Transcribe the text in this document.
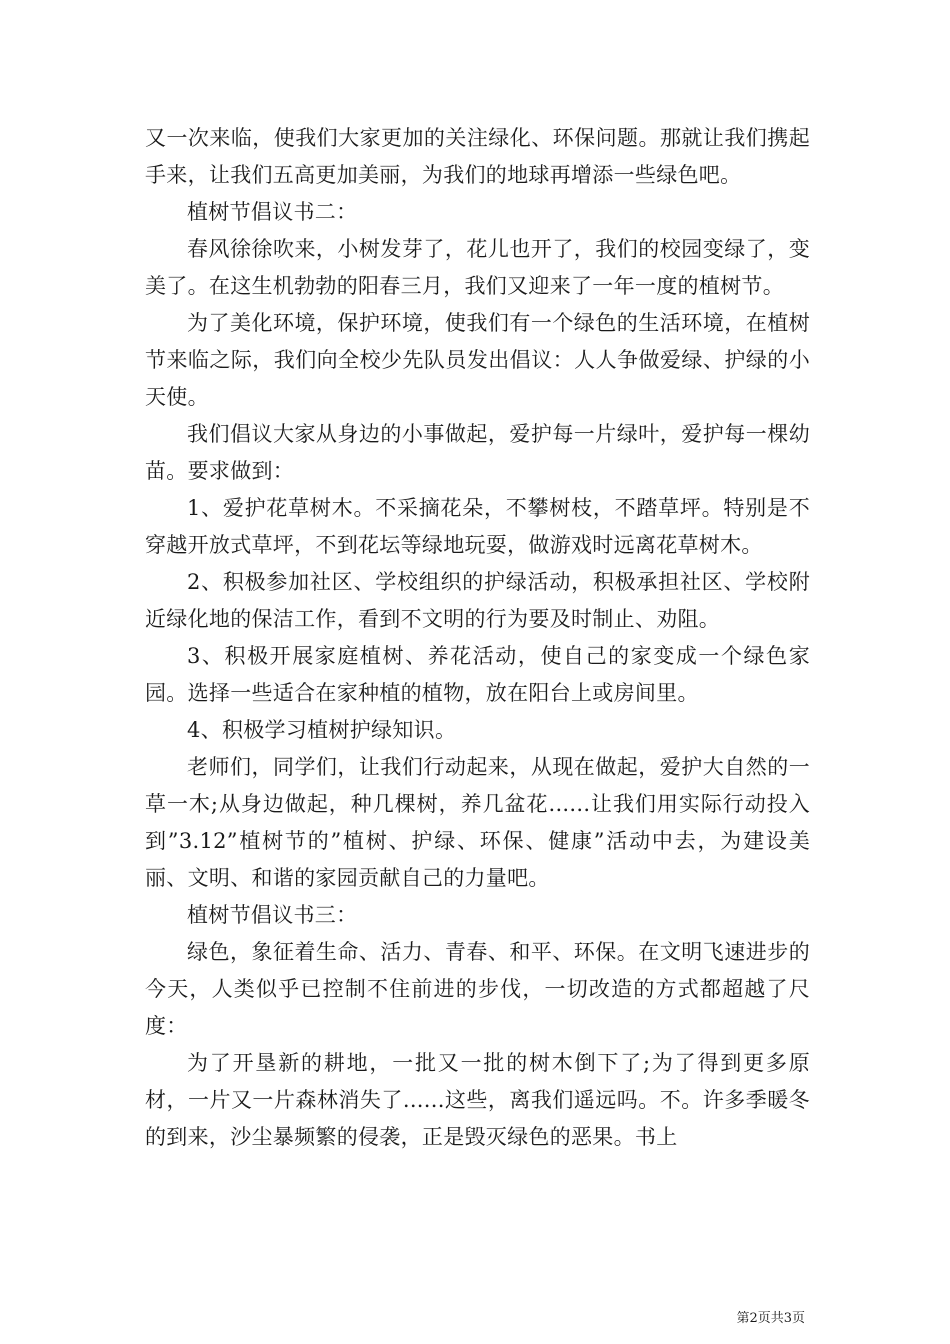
又一次来临，使我们大家更加的关注绿化、环保问题。那就让我们携起手来，让我们五高更加美丽，为我们的地球再增添一些绿色吧。

植树节倡议书二：

春风徐徐吹来，小树发芽了，花儿也开了，我们的校园变绿了，变美了。在这生机勃勃的阳春三月，我们又迎来了一年一度的植树节。

为了美化环境，保护环境，使我们有一个绿色的生活环境，在植树节来临之际，我们向全校少先队员发出倡议：人人争做爱绿、护绿的小天使。

我们倡议大家从身边的小事做起，爱护每一片绿叶，爱护每一棵幼苗。要求做到：

1、爱护花草树木。不采摘花朵，不攀树枝，不踏草坪。特别是不穿越开放式草坪，不到花坛等绿地玩耍，做游戏时远离花草树木。

2、积极参加社区、学校组织的护绿活动，积极承担社区、学校附近绿化地的保洁工作，看到不文明的行为要及时制止、劝阻。

3、积极开展家庭植树、养花活动，使自己的家变成一个绿色家园。选择一些适合在家种植的植物，放在阳台上或房间里。

4、积极学习植树护绿知识。

老师们，同学们，让我们行动起来，从现在做起，爱护大自然的一草一木;从身边做起，种几棵树，养几盆花......让我们用实际行动投入到”3.12”植树节的”植树、护绿、环保、健康”活动中去，为建设美丽、文明、和谐的家园贡献自己的力量吧。

植树节倡议书三：

绿色，象征着生命、活力、青春、和平、环保。在文明飞速进步的今天，人类似乎已控制不住前进的步伐，一切改造的方式都超越了尺度：

为了开垦新的耕地，一批又一批的树木倒下了;为了得到更多原材，一片又一片森林消失了......这些，离我们遥远吗。不。许多季暖冬的到来，沙尘暴频繁的侵袭，正是毁灭绿色的恶果。书上

第2页共3页
